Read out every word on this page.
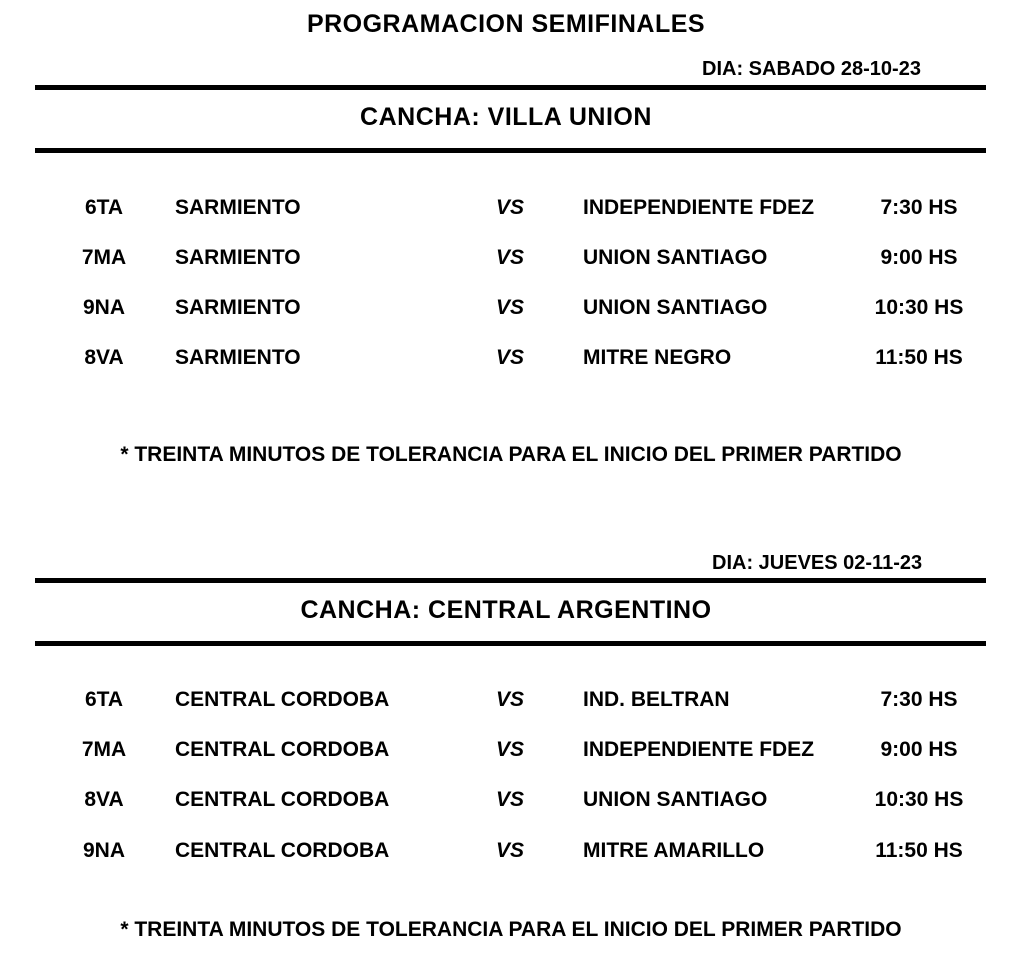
PROGRAMACION SEMIFINALES
DIA: SABADO 28-10-23
CANCHA: VILLA UNION
6TA	SARMIENTO	VS	INDEPENDIENTE FDEZ	7:30 HS
7MA	SARMIENTO	VS	UNION SANTIAGO	9:00 HS
9NA	SARMIENTO	VS	UNION SANTIAGO	10:30 HS
8VA	SARMIENTO	VS	MITRE NEGRO	11:50 HS
* TREINTA MINUTOS DE TOLERANCIA PARA EL INICIO DEL PRIMER PARTIDO
DIA: JUEVES 02-11-23
CANCHA: CENTRAL ARGENTINO
6TA	CENTRAL CORDOBA	VS	IND. BELTRAN	7:30 HS
7MA	CENTRAL CORDOBA	VS	INDEPENDIENTE FDEZ	9:00 HS
8VA	CENTRAL CORDOBA	VS	UNION SANTIAGO	10:30 HS
9NA	CENTRAL CORDOBA	VS	MITRE AMARILLO	11:50 HS
* TREINTA MINUTOS DE TOLERANCIA PARA EL INICIO DEL PRIMER PARTIDO
